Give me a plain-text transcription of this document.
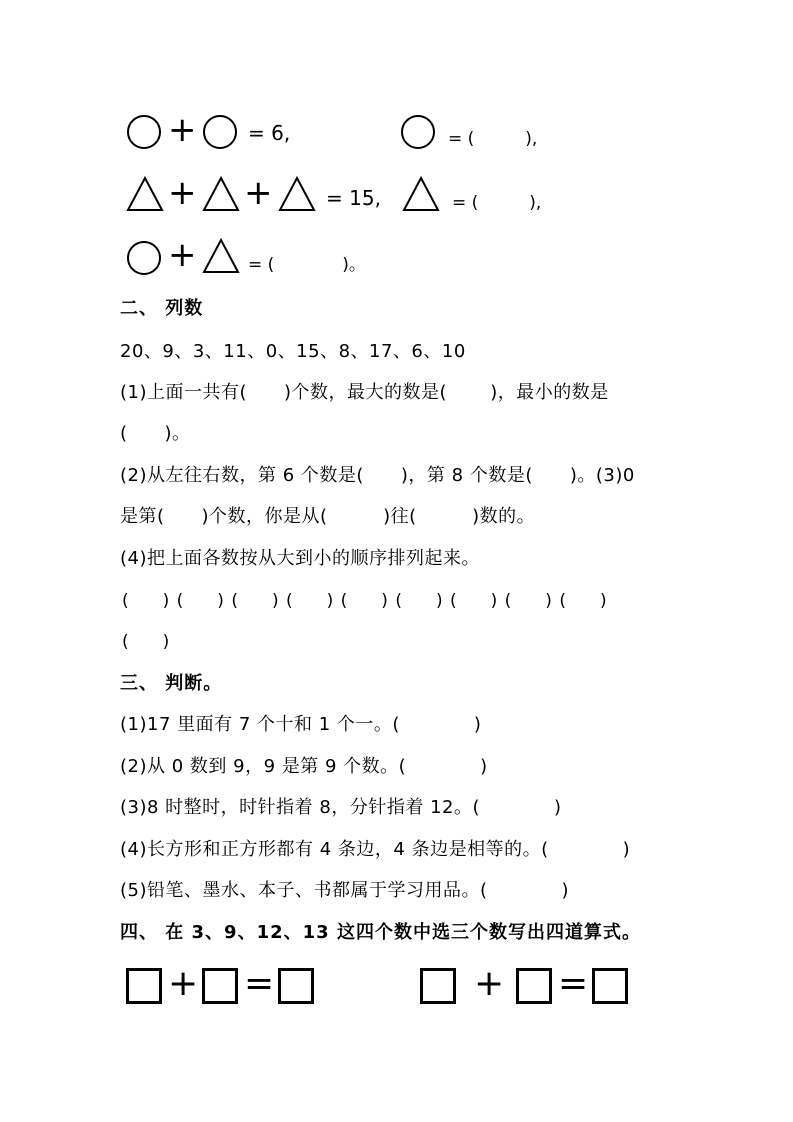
+	= 6,	= (　　　),
+ +	= 15,	= (　　　),
+	= (　　　　)。
二、 列数
20、9、3、11、0、15、8、17、6、10
(1)上面一共有(　　)个数，最大的数是(　　 )，最小的数是
(　　)。
(2)从左往右数，第 6 个数是(　　)，第 8 个数是(　　)。(3)0
是第(　　)个数，你是从(　　　)往(　　　)数的。
(4)把上面各数按从大到小的顺序排列起来。
(　　) (　　) (　　) (　　) (　　) (　　) (　　) (　　) (　　)
(　　)
三、 判断。
(1)17 里面有 7 个十和 1 个一。(　　　　)
(2)从 0 数到 9，9 是第 9 个数。(　　　　)
(3)8 时整时，时针指着 8，分针指着 12。(　　　　)
(4)长方形和正方形都有 4 条边，4 条边是相等的。(　　　　)
(5)铅笔、墨水、本子、书都属于学习用品。(　　　　)
四、 在 3、9、12、13 这四个数中选三个数写出四道算式。
+ =	+ =
